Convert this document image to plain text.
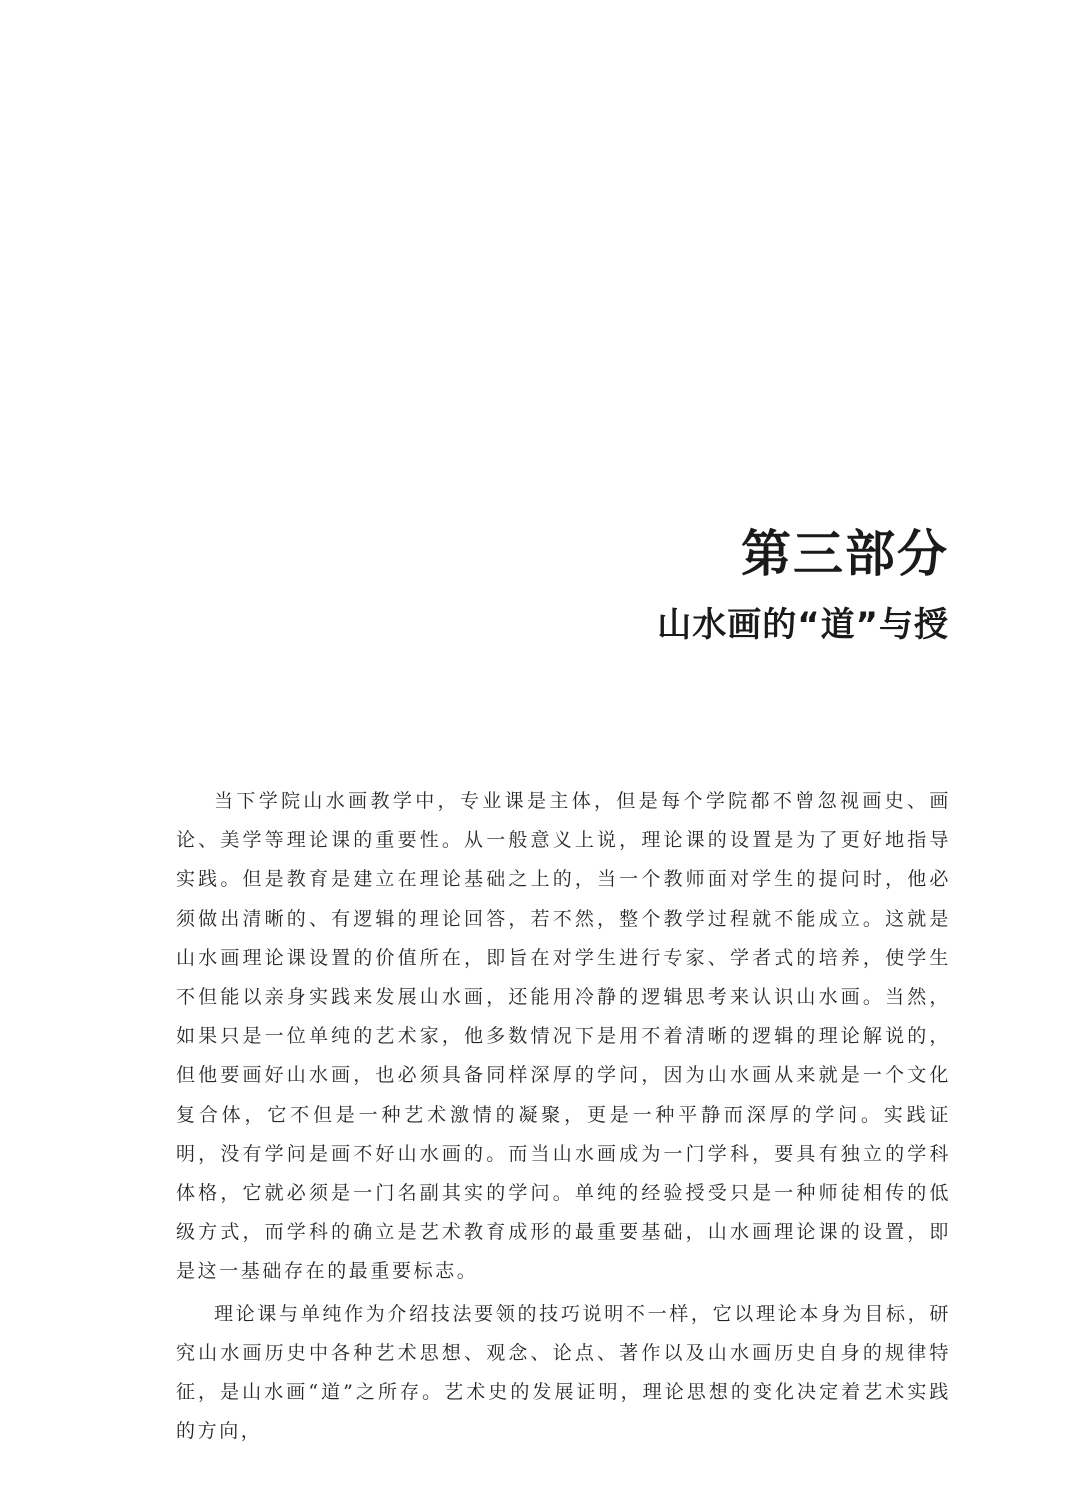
第三部分
山水画的“道”与授

当下学院山水画教学中，专业课是主体，但是每个学院都不曾忽视画史、画论、美学等理论课的重要性。从一般意义上说，理论课的设置是为了更好地指导实践。但是教育是建立在理论基础之上的，当一个教师面对学生的提问时，他必须做出清晰的、有逻辑的理论回答，若不然，整个教学过程就不能成立。这就是山水画理论课设置的价值所在，即旨在对学生进行专家、学者式的培养，使学生不但能以亲身实践来发展山水画，还能用冷静的逻辑思考来认识山水画。当然，如果只是一位单纯的艺术家，他多数情况下是用不着清晰的逻辑的理论解说的，但他要画好山水画，也必须具备同样深厚的学问，因为山水画从来就是一个文化复合体，它不但是一种艺术激情的凝聚，更是一种平静而深厚的学问。实践证明，没有学问是画不好山水画的。而当山水画成为一门学科，要具有独立的学科体格，它就必须是一门名副其实的学问。单纯的经验授受只是一种师徒相传的低级方式，而学科的确立是艺术教育成形的最重要基础，山水画理论课的设置，即是这一基础存在的最重要标志。

理论课与单纯作为介绍技法要领的技巧说明不一样，它以理论本身为目标，研究山水画历史中各种艺术思想、观念、论点、著作以及山水画历史自身的规律特征，是山水画“道”之所存。艺术史的发展证明，理论思想的变化决定着艺术实践的方向，
